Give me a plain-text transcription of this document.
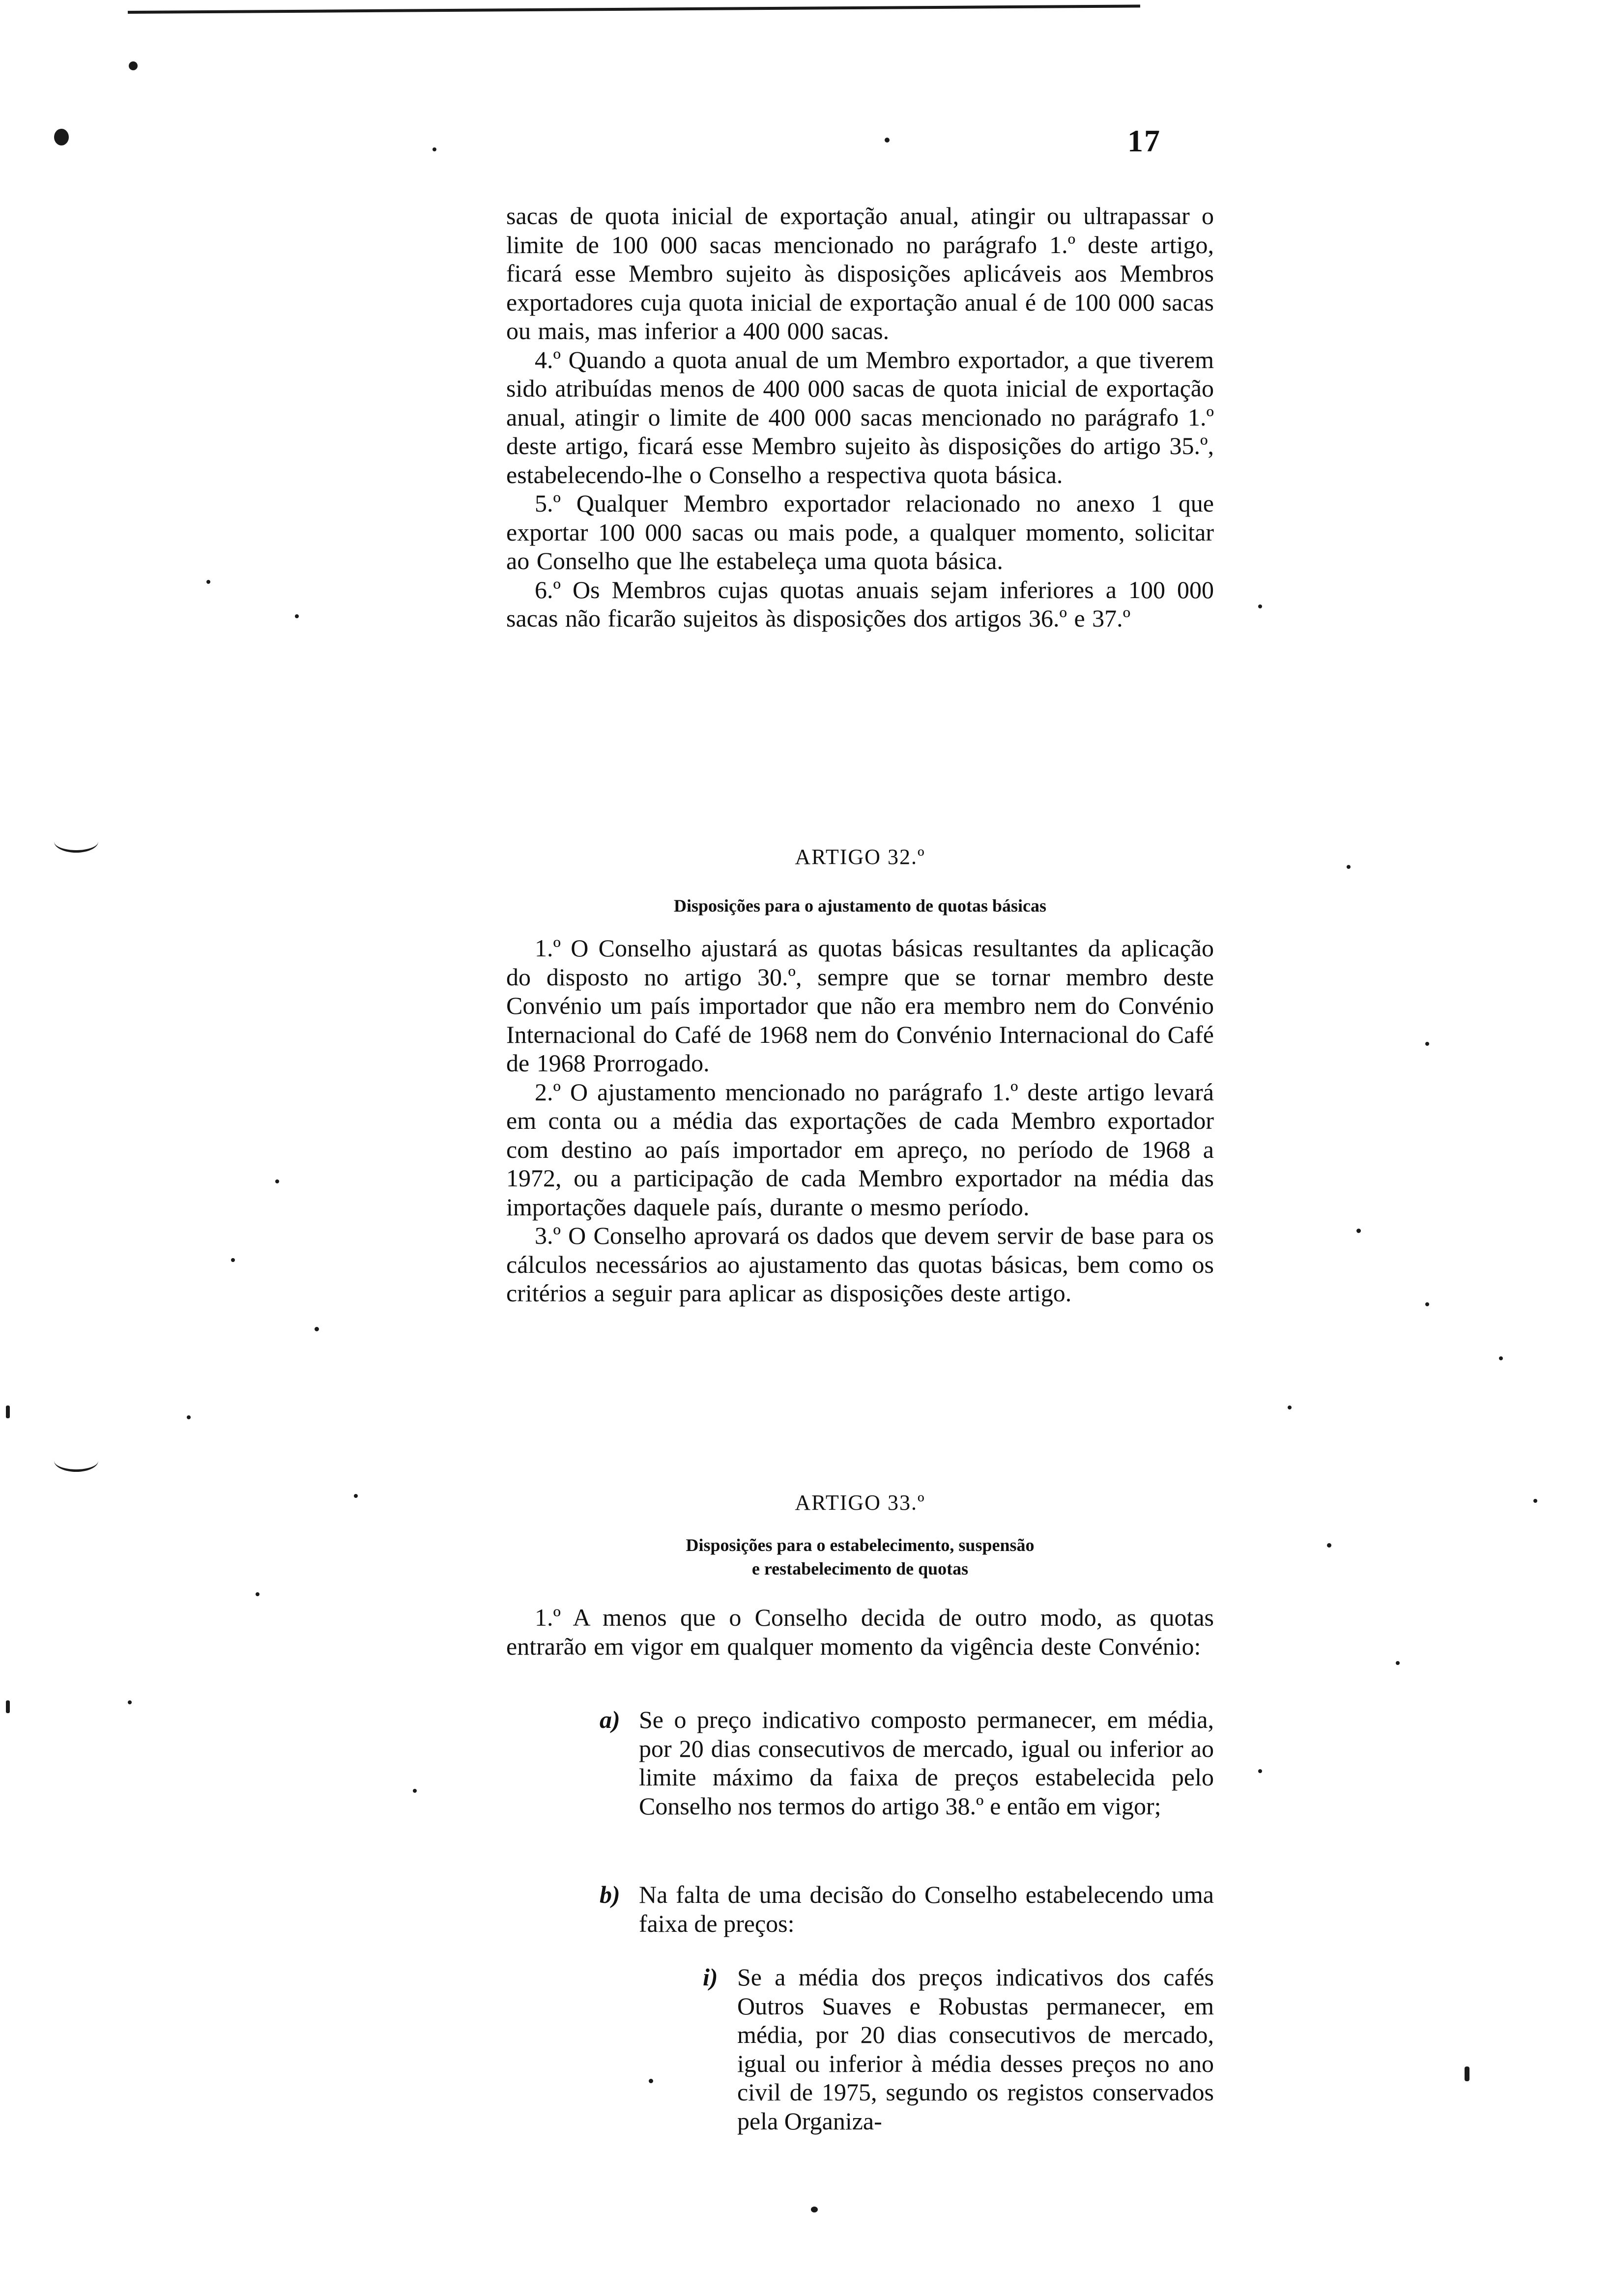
17

sacas de quota inicial de exportação anual, atingir ou ultrapassar o limite de 100 000 sacas mencionado no parágrafo 1.º deste artigo, ficará esse Membro sujeito às disposições aplicáveis aos Membros exportadores cuja quota inicial de exportação anual é de 100 000 sacas ou mais, mas inferior a 400 000 sacas.

4.º Quando a quota anual de um Membro exportador, a que tiverem sido atribuídas menos de 400 000 sacas de quota inicial de exportação anual, atingir o limite de 400 000 sacas mencionado no parágrafo 1.º deste artigo, ficará esse Membro sujeito às disposições do artigo 35.º, estabelecendo-lhe o Conselho a respectiva quota básica.

5.º Qualquer Membro exportador relacionado no anexo 1 que exportar 100 000 sacas ou mais pode, a qualquer momento, solicitar ao Conselho que lhe estabeleça uma quota básica.

6.º Os Membros cujas quotas anuais sejam inferiores a 100 000 sacas não ficarão sujeitos às disposições dos artigos 36.º e 37.º

ARTIGO 32.º
Disposições para o ajustamento de quotas básicas

1.º O Conselho ajustará as quotas básicas resultantes da aplicação do disposto no artigo 30.º, sempre que se tornar membro deste Convénio um país importador que não era membro nem do Convénio Internacional do Café de 1968 nem do Convénio Internacional do Café de 1968 Prorrogado.

2.º O ajustamento mencionado no parágrafo 1.º deste artigo levará em conta ou a média das exportações de cada Membro exportador com destino ao país importador em apreço, no período de 1968 a 1972, ou a participação de cada Membro exportador na média das importações daquele país, durante o mesmo período.

3.º O Conselho aprovará os dados que devem servir de base para os cálculos necessários ao ajustamento das quotas básicas, bem como os critérios a seguir para aplicar as disposições deste artigo.

ARTIGO 33.º
Disposições para o estabelecimento, suspensão
e restabelecimento de quotas

1.º A menos que o Conselho decida de outro modo, as quotas entrarão em vigor em qualquer momento da vigência deste Convénio:

a) Se o preço indicativo composto permanecer, em média, por 20 dias consecutivos de mercado, igual ou inferior ao limite máximo da faixa de preços estabelecida pelo Conselho nos termos do artigo 38.º e então em vigor;
b) Na falta de uma decisão do Conselho estabelecendo uma faixa de preços:
i) Se a média dos preços indicativos dos cafés Outros Suaves e Robustas permanecer, em média, por 20 dias consecutivos de mercado, igual ou inferior à média desses preços no ano civil de 1975, segundo os registos conservados pela Organiza-
